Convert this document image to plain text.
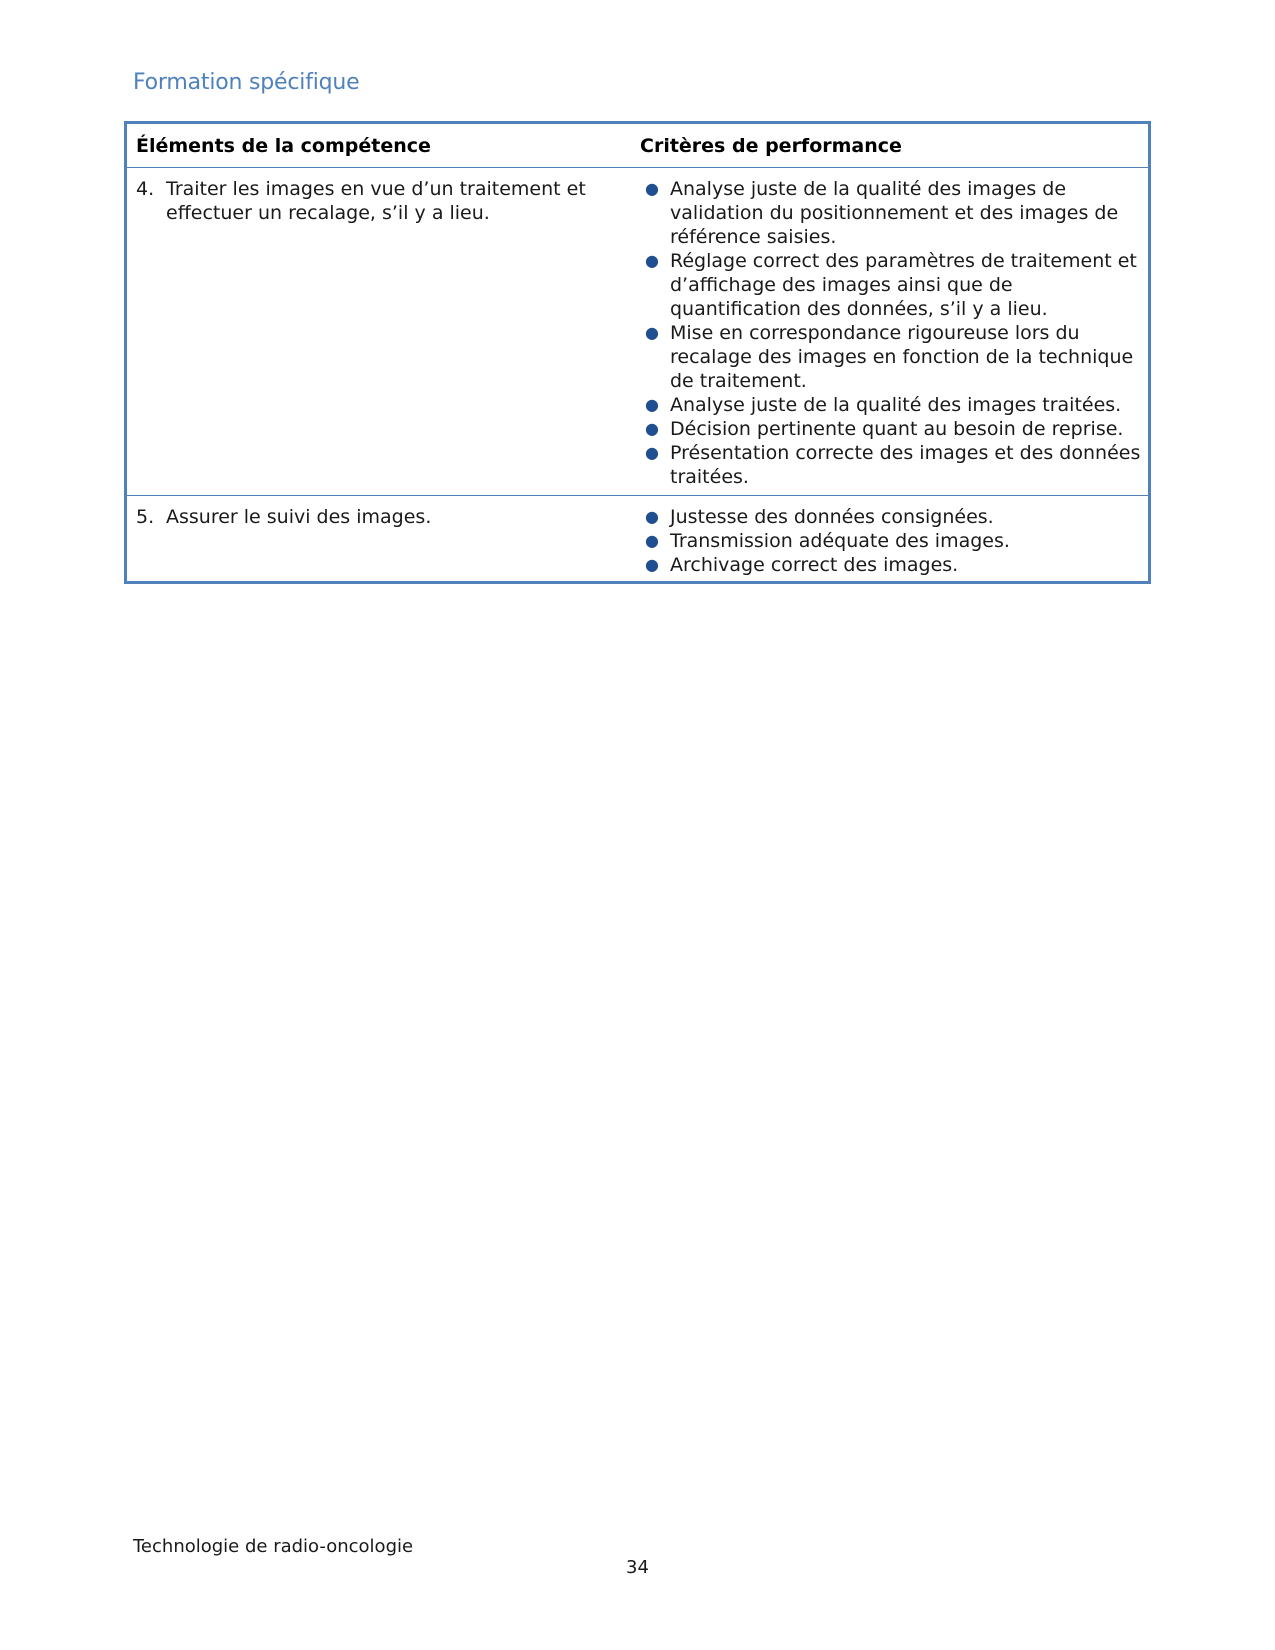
Formation spécifique
Éléments de la compétence	Critères de performance
4. Traiter les images en vue d’un traitement et effectuer un recalage, s’il y a lieu.
● Analyse juste de la qualité des images de validation du positionnement et des images de référence saisies.
● Réglage correct des paramètres de traitement et d’affichage des images ainsi que de quantification des données, s’il y a lieu.
● Mise en correspondance rigoureuse lors du recalage des images en fonction de la technique de traitement.
● Analyse juste de la qualité des images traitées.
● Décision pertinente quant au besoin de reprise.
● Présentation correcte des images et des données traitées.
5. Assurer le suivi des images.	● Justesse des données consignées.
● Transmission adéquate des images.
● Archivage correct des images.
Technologie de radio-oncologie
34
